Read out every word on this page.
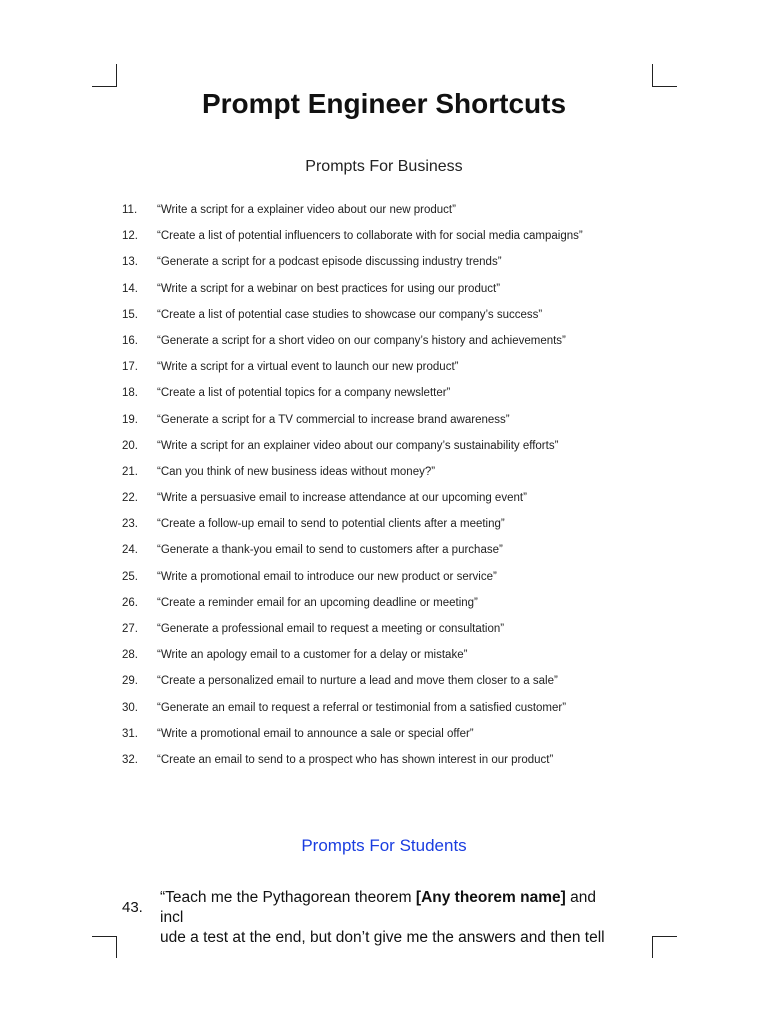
Prompt Engineer Shortcuts
Prompts For Business
11. “Write a script for a explainer video about our new product”
12. “Create a list of potential influencers to collaborate with for social media campaigns”
13. “Generate a script for a podcast episode discussing industry trends”
14. “Write a script for a webinar on best practices for using our product”
15. “Create a list of potential case studies to showcase our company’s success”
16. “Generate a script for a short video on our company’s history and achievements”
17. “Write a script for a virtual event to launch our new product”
18. “Create a list of potential topics for a company newsletter”
19. “Generate a script for a TV commercial to increase brand awareness”
20. “Write a script for an explainer video about our company’s sustainability efforts”
21. “Can you think of new business ideas without money?”
22. “Write a persuasive email to increase attendance at our upcoming event”
23. “Create a follow-up email to send to potential clients after a meeting”
24. “Generate a thank-you email to send to customers after a purchase”
25. “Write a promotional email to introduce our new product or service”
26. “Create a reminder email for an upcoming deadline or meeting”
27. “Generate a professional email to request a meeting or consultation”
28. “Write an apology email to a customer for a delay or mistake”
29. “Create a personalized email to nurture a lead and move them closer to a sale”
30. “Generate an email to request a referral or testimonial from a satisfied customer”
31. “Write a promotional email to announce a sale or special offer”
32. “Create an email to send to a prospect who has shown interest in our product”
Prompts For Students
43.
“Teach me the Pythagorean theorem [Any theorem name] and incl
ude a test at the end, but don’t give me the answers and then tell
